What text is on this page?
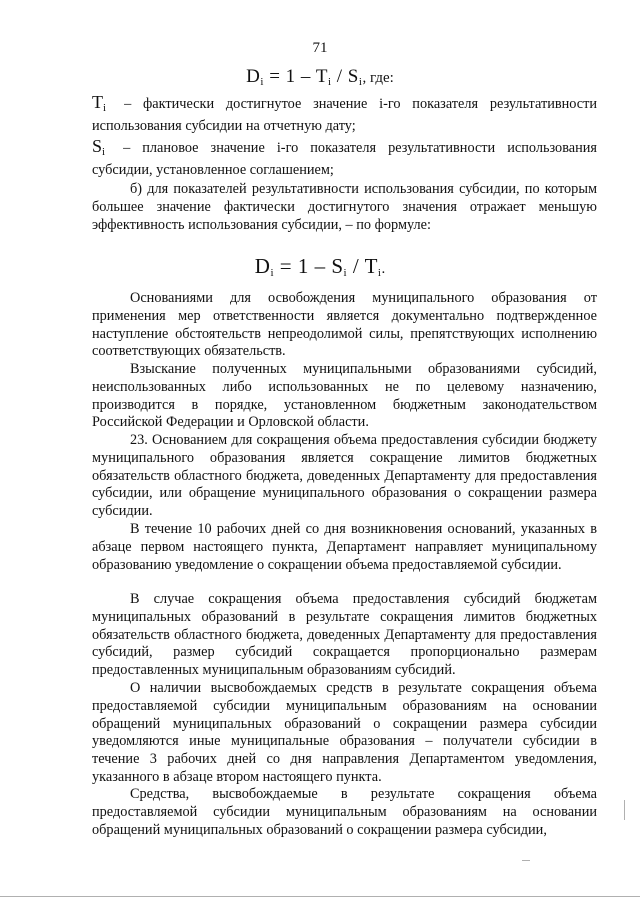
71
$D_i = 1 - T_i / S_i$, где:
$T_i$ – фактически достигнутое значение i-го показателя результативности использования субсидии на отчетную дату;
$S_i$ – плановое значение i-го показателя результативности использования субсидии, установленное соглашением;
б) для показателей результативности использования субсидии, по которым большее значение фактически достигнутого значения отражает меньшую эффективность использования субсидии, – по формуле:
$D_i = 1 - S_i / T_i$.
Основаниями для освобождения муниципального образования от применения мер ответственности является документально подтвержденное наступление обстоятельств непреодолимой силы, препятствующих исполнению соответствующих обязательств.
Взыскание полученных муниципальными образованиями субсидий, неиспользованных либо использованных не по целевому назначению, производится в порядке, установленном бюджетным законодательством Российской Федерации и Орловской области.
23. Основанием для сокращения объема предоставления субсидии бюджету муниципального образования является сокращение лимитов бюджетных обязательств областного бюджета, доведенных Департаменту для предоставления субсидии, или обращение муниципального образования о сокращении размера субсидии.
В течение 10 рабочих дней со дня возникновения оснований, указанных в абзаце первом настоящего пункта, Департамент направляет муниципальному образованию уведомление о сокращении объема предоставляемой субсидии.
В случае сокращения объема предоставления субсидий бюджетам муниципальных образований в результате сокращения лимитов бюджетных обязательств областного бюджета, доведенных Департаменту для предоставления субсидий, размер субсидий сокращается пропорционально размерам предоставленных муниципальным образованиям субсидий.
О наличии высвобождаемых средств в результате сокращения объема предоставляемой субсидии муниципальным образованиям на основании обращений муниципальных образований о сокращении размера субсидии уведомляются иные муниципальные образования – получатели субсидии в течение 3 рабочих дней со дня направления Департаментом уведомления, указанного в абзаце втором настоящего пункта.
Средства, высвобождаемые в результате сокращения объема предоставляемой субсидии муниципальным образованиям на основании обращений муниципальных образований о сокращении размера субсидии,
